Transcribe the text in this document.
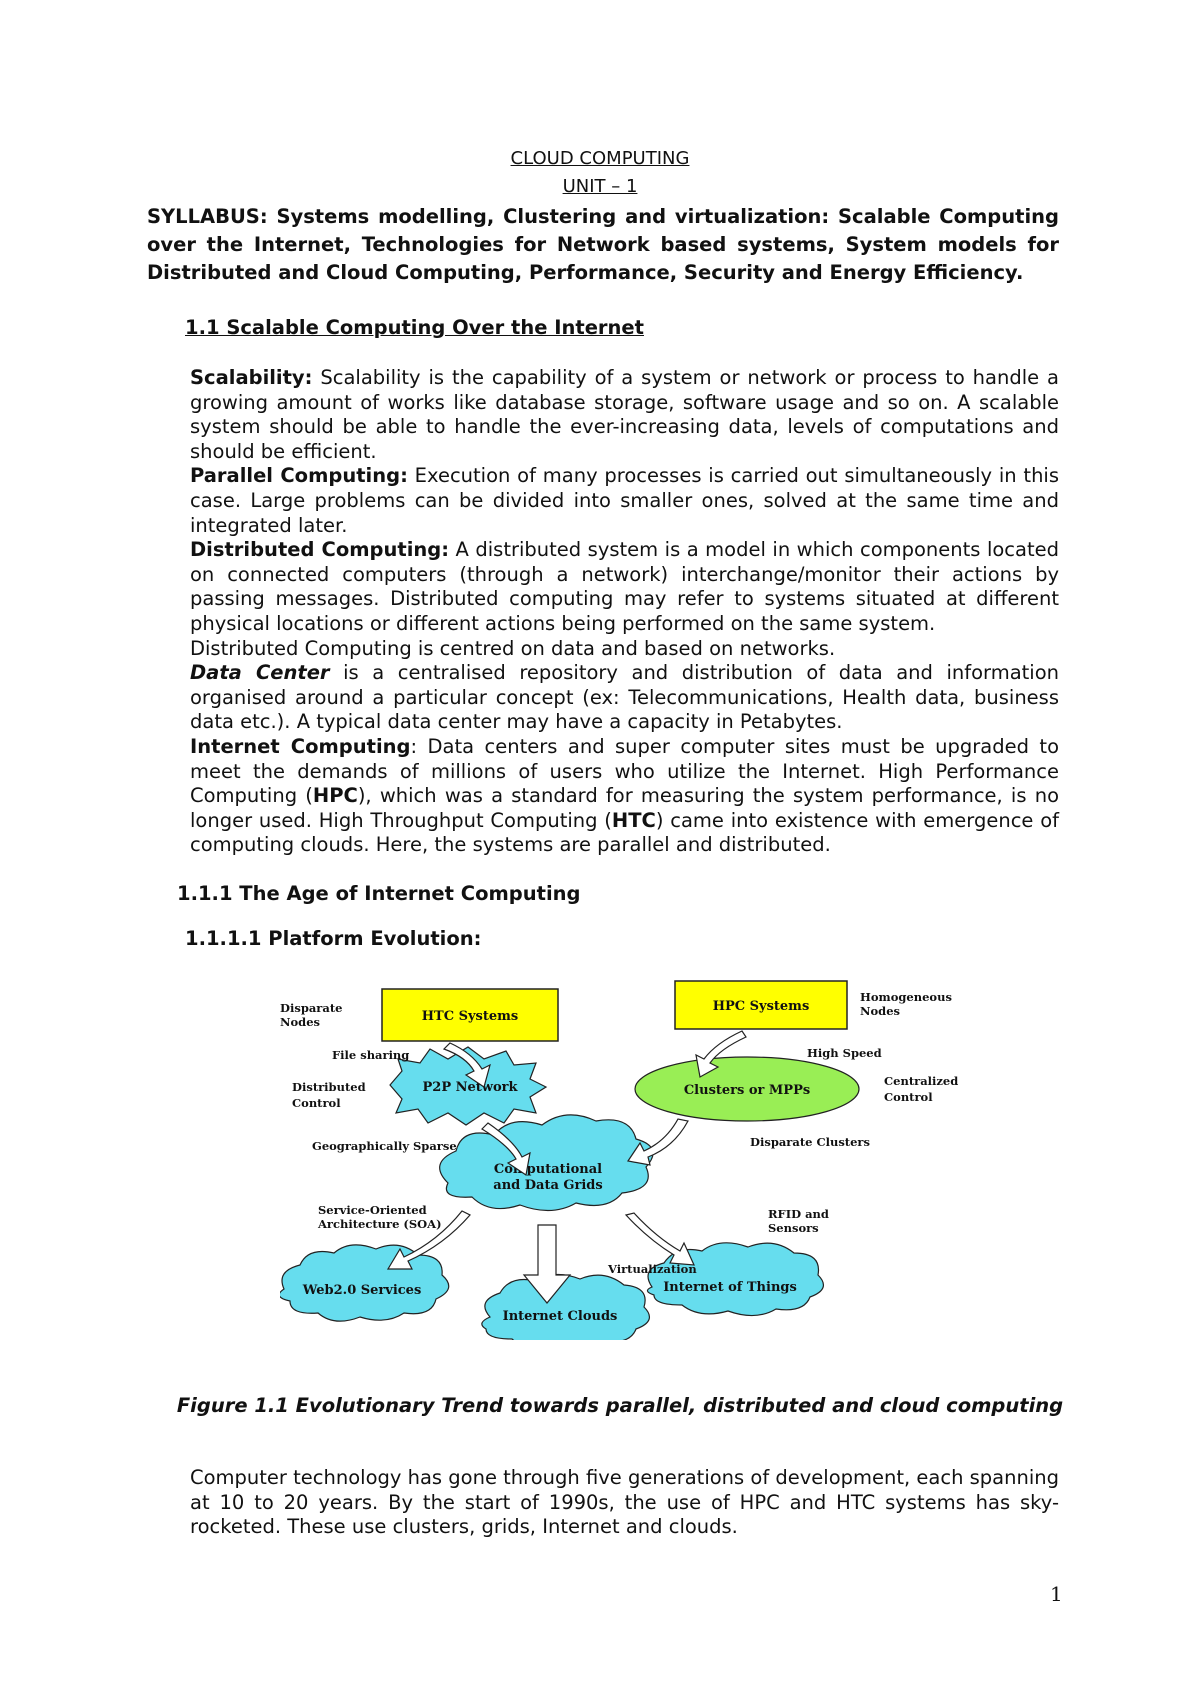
CLOUD COMPUTING
UNIT – 1
SYLLABUS: Systems modelling, Clustering and virtualization: Scalable Computing over the Internet, Technologies for Network based systems, System models for Distributed and Cloud Computing, Performance, Security and Energy Efficiency.
1.1 Scalable Computing Over the Internet

Scalability: Scalability is the capability of a system or network or process to handle a growing amount of works like database storage, software usage and so on. A scalable system should be able to handle the ever-increasing data, levels of computations and should be efficient.

Parallel Computing: Execution of many processes is carried out simultaneously in this case. Large problems can be divided into smaller ones, solved at the same time and integrated later.

Distributed Computing: A distributed system is a model in which components located on connected computers (through a network) interchange/monitor their actions by passing messages. Distributed computing may refer to systems situated at different physical locations or different actions being performed on the same system.

Distributed Computing is centred on data and based on networks.

Data Center is a centralised repository and distribution of data and information organised around a particular concept (ex: Telecommunications, Health data, business data etc.). A typical data center may have a capacity in Petabytes.

Internet Computing: Data centers and super computer sites must be upgraded to meet the demands of millions of users who utilize the Internet. High Performance Computing (HPC), which was a standard for measuring the system performance, is no longer used. High Throughput Computing (HTC) came into existence with emergence of computing clouds. Here, the systems are parallel and distributed.

1.1.1 The Age of Internet Computing
1.1.1.1 Platform Evolution:
HTC Systems
HPC Systems
P2P Network	Clusters or MPPs
Computational
and Data Grids
Web2.0 Services
Internet Clouds
Internet of Things
Disparate
Nodes
Homogeneous
Nodes
File sharing	High Speed
Distributed
Control
Centralized
Control
Geographically Sparse	Disparate Clusters
Service-Oriented
Architecture (SOA)
RFID and
Sensors
Virtualization
Figure 1.1 Evolutionary Trend towards parallel, distributed and cloud computing
Computer technology has gone through five generations of development, each spanning at 10 to 20 years. By the start of 1990s, the use of HPC and HTC systems has sky-rocketed. These use clusters, grids, Internet and clouds.
1
